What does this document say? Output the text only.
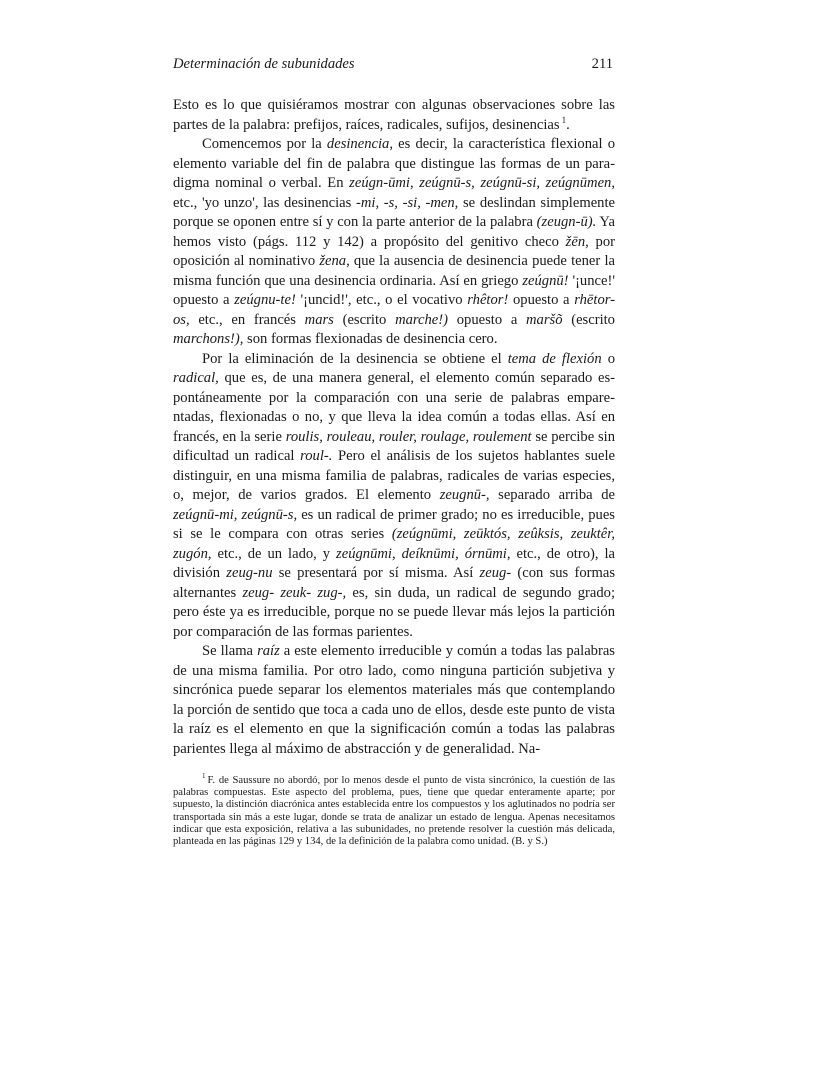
Determinación de subunidades	211

Esto es lo que quisiéramos mostrar con algunas observaciones sobre las partes de la palabra: prefijos, raíces, radicales, sufijos, desinencias $^1$.

Comencemos por la desinencia, es decir, la característica flexional o elemento variable del fin de palabra que distingue las formas de un paradigma nominal o verbal. En zeúgn-ūmi, zeúgnū-s, zeúgnū-si, zeúgnūmen, etc., 'yo unzo', las desinencias -mi, -s, -si, -men, se deslindan simplemente porque se oponen entre sí y con la parte anterior de la palabra (zeugn-ū). Ya hemos visto (págs. 112 y 142) a propósito del genitivo checo žēn, por oposición al nominativo žena, que la ausencia de desinencia puede tener la misma función que una desinencia ordinaria. Así en griego zeúgnū! '¡unce!' opuesto a zeúgnu-te! '¡uncid!', etc., o el vocativo rhêtor! opuesto a rhētor-os, etc., en francés mars (escrito marche!) opuesto a maršõ (escrito marchons!), son formas flexionadas de desinencia cero.

Por la eliminación de la desinencia se obtiene el tema de flexión o radical, que es, de una manera general, el elemento común separado espontáneamente por la comparación con una serie de palabras emparentadas, flexionadas o no, y que lleva la idea común a todas ellas. Así en francés, en la serie roulis, rouleau, rouler, roulage, roulement se percibe sin dificultad un radical roul-. Pero el análisis de los sujetos hablantes suele distinguir, en una misma familia de palabras, radicales de varias especies, o, mejor, de varios grados. El elemento zeugnū-, separado arriba de zeúgnū-mi, zeúgnū-s, es un radical de primer grado; no es irreducible, pues si se le compara con otras series (zeúgnūmi, zeūktós, zeûksis, zeuktêr, zugón, etc., de un lado, y zeúgnūmi, deíknūmi, órnūmi, etc., de otro), la división zeug-nu se presentará por sí misma. Así zeug- (con sus formas alternantes zeug- zeuk- zug-, es, sin duda, un radical de segundo grado; pero éste ya es irreducible, porque no se puede llevar más lejos la partición por comparación de las formas parientes.

Se llama raíz a este elemento irreducible y común a todas las palabras de una misma familia. Por otro lado, como ninguna partición subjetiva y sincrónica puede separar los elementos materiales más que contemplando la porción de sentido que toca a cada uno de ellos, desde este punto de vista la raíz es el elemento en que la significación común a todas las palabras parientes llega al máximo de abstracción y de generalidad. Na-

$^1$ F. de Saussure no abordó, por lo menos desde el punto de vista sincrónico, la cuestión de las palabras compuestas. Este aspecto del problema, pues, tiene que quedar enteramente aparte; por supuesto, la distinción diacrónica antes establecida entre los compuestos y los aglutinados no podría ser transportada sin más a este lugar, donde se trata de analizar un estado de lengua. Apenas necesitamos indicar que esta exposición, relativa a las subunidades, no pretende resolver la cuestión más delicada, planteada en las páginas 129 y 134, de la definición de la palabra como unidad. (B. y S.)
